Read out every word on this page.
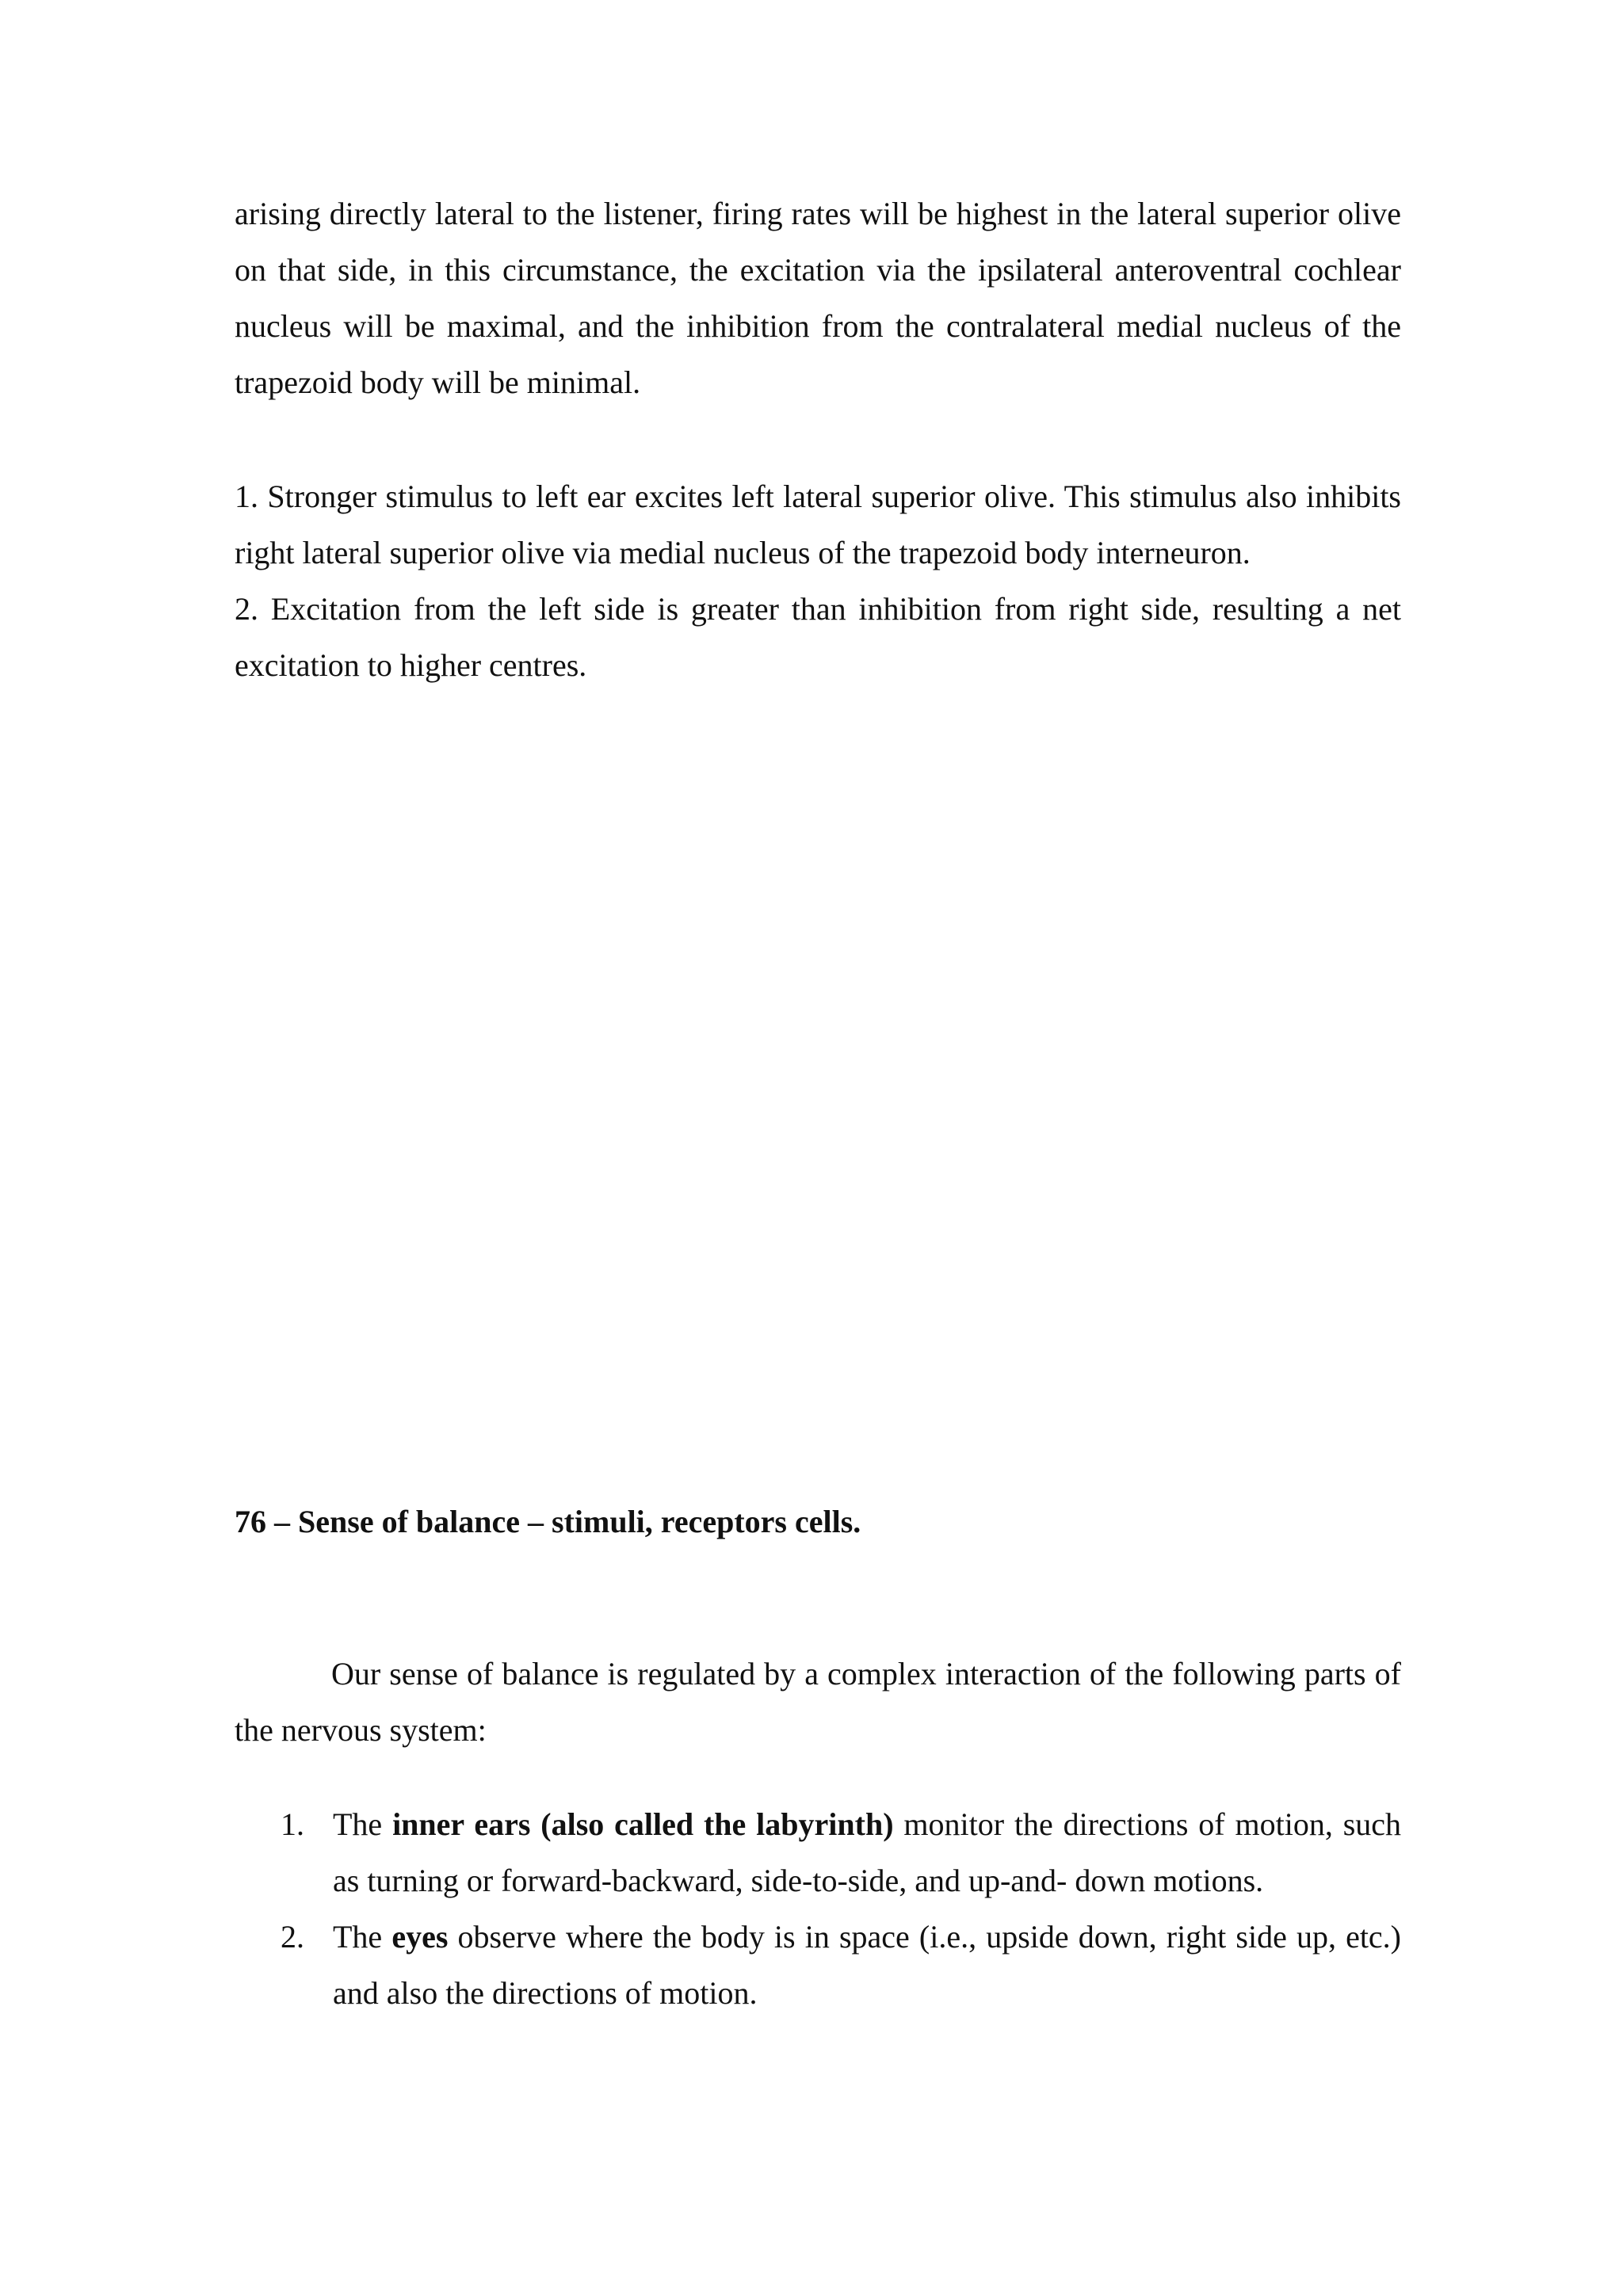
arising directly lateral to the listener, firing rates will be highest in the lateral superior olive on that side, in this circumstance, the excitation via the ipsilateral anteroventral cochlear nucleus will be maximal, and the inhibition from the contralateral medial nucleus of the trapezoid body will be minimal.

1. Stronger stimulus to left ear excites left lateral superior olive. This stimulus also inhibits right lateral superior olive via medial nucleus of the trapezoid body interneuron.

2. Excitation from the left side is greater than inhibition from right side, resulting a net excitation to higher centres.

76 – Sense of balance – stimuli, receptors cells.

Our sense of balance is regulated by a complex interaction of the following parts of the nervous system:

1. The inner ears (also called the labyrinth) monitor the directions of motion, such as turning or forward-backward, side-to-side, and up-and- down motions.
2. The eyes observe where the body is in space (i.e., upside down, right side up, etc.) and also the directions of motion.
